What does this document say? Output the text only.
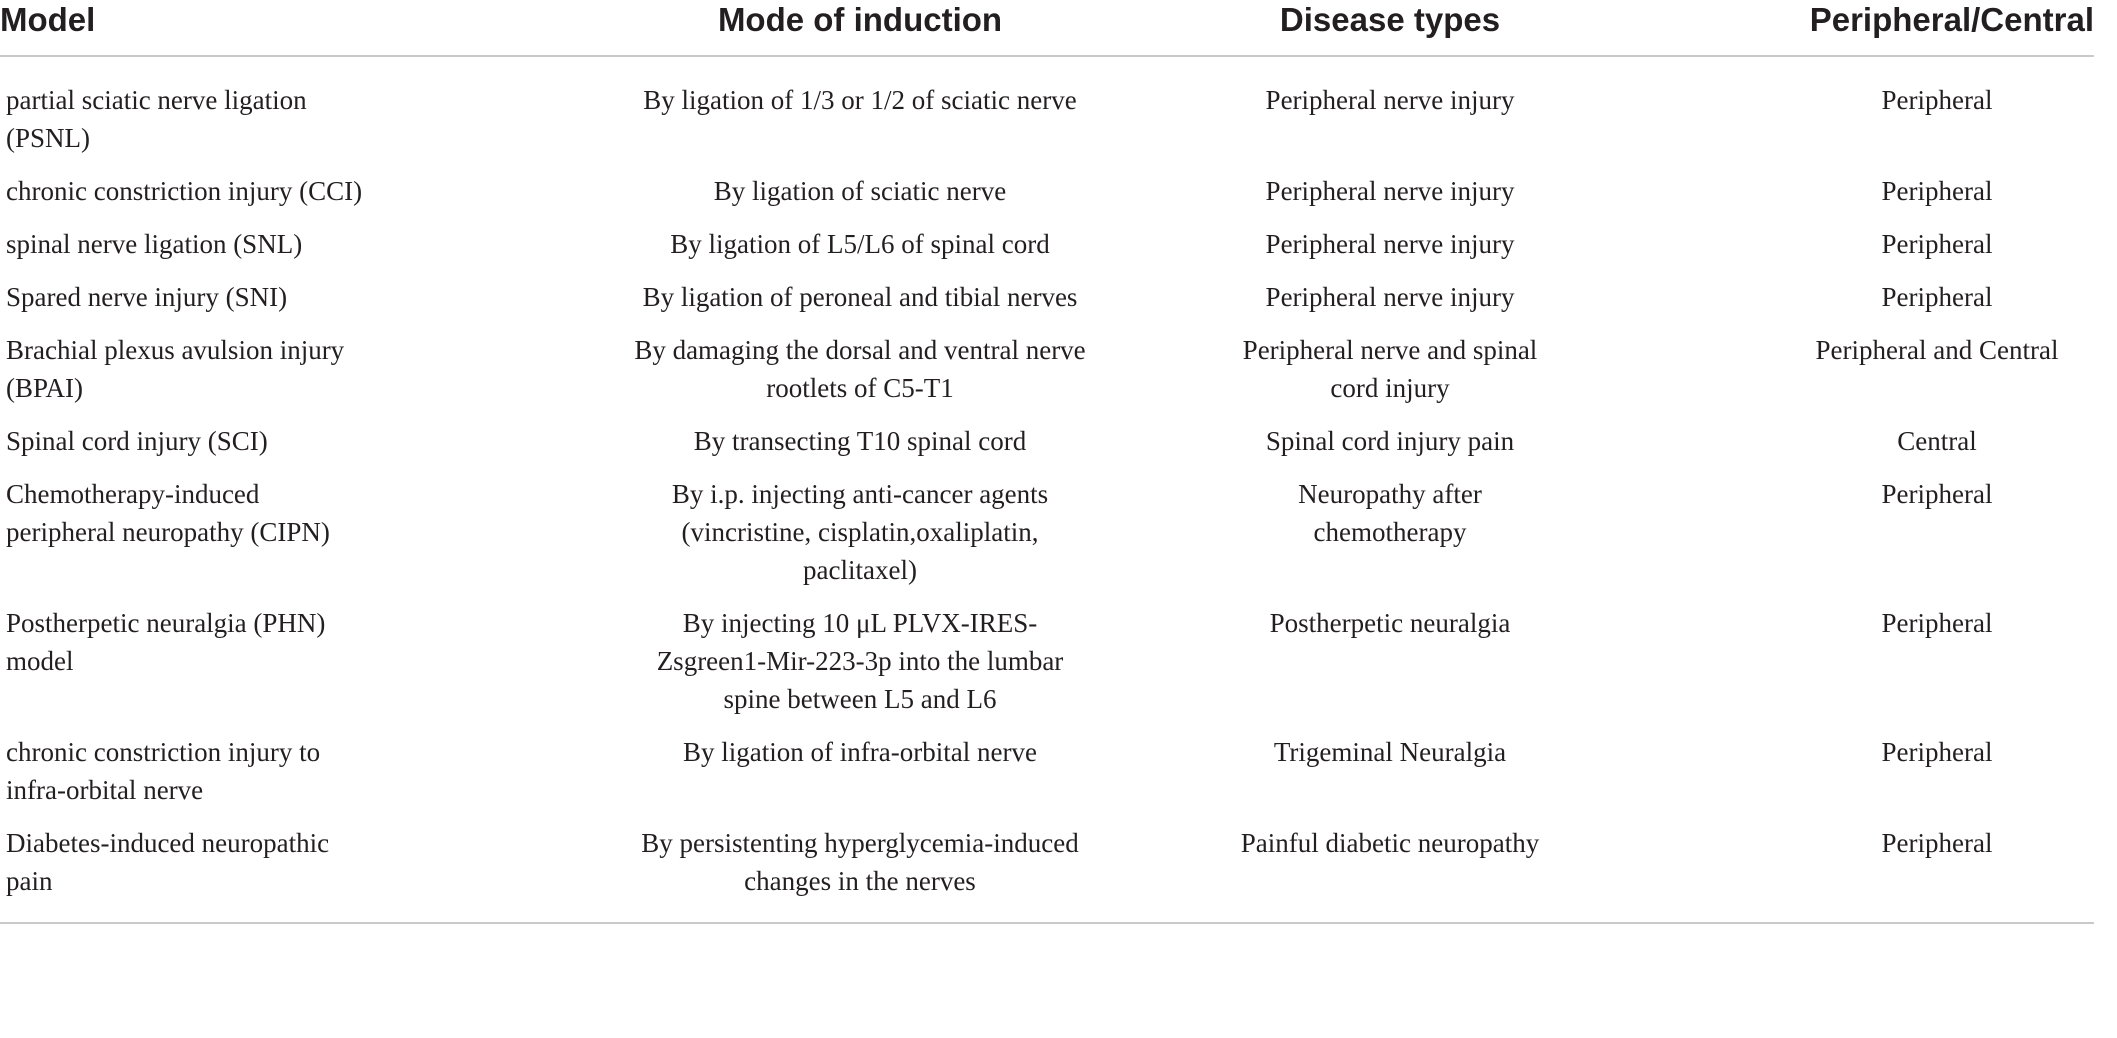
Model	Mode of induction	Disease types	Peripheral/Central
partial sciatic nerve ligation (PSNL)	By ligation of 1/3 or 1/2 of sciatic nerve	Peripheral nerve injury	Peripheral
chronic constriction injury (CCI)	By ligation of sciatic nerve	Peripheral nerve injury	Peripheral
spinal nerve ligation (SNL)	By ligation of L5/L6 of spinal cord	Peripheral nerve injury	Peripheral
Spared nerve injury (SNI)	By ligation of peroneal and tibial nerves	Peripheral nerve injury	Peripheral
Brachial plexus avulsion injury (BPAI)	By damaging the dorsal and ventral nerve rootlets of C5-T1	Peripheral nerve and spinal cord injury	Peripheral and Central
Spinal cord injury (SCI)	By transecting T10 spinal cord	Spinal cord injury pain	Central
Chemotherapy-induced peripheral neuropathy (CIPN)	By i.p. injecting anti-cancer agents (vincristine, cisplatin,oxaliplatin, paclitaxel)	Neuropathy after chemotherapy	Peripheral
Postherpetic neuralgia (PHN) model	By injecting 10 μL PLVX-IRES-Zsgreen1-Mir-223-3p into the lumbar spine between L5 and L6	Postherpetic neuralgia	Peripheral
chronic constriction injury to infra-orbital nerve	By ligation of infra-orbital nerve	Trigeminal Neuralgia	Peripheral
Diabetes-induced neuropathic pain	By persistenting hyperglycemia-induced changes in the nerves	Painful diabetic neuropathy	Peripheral
